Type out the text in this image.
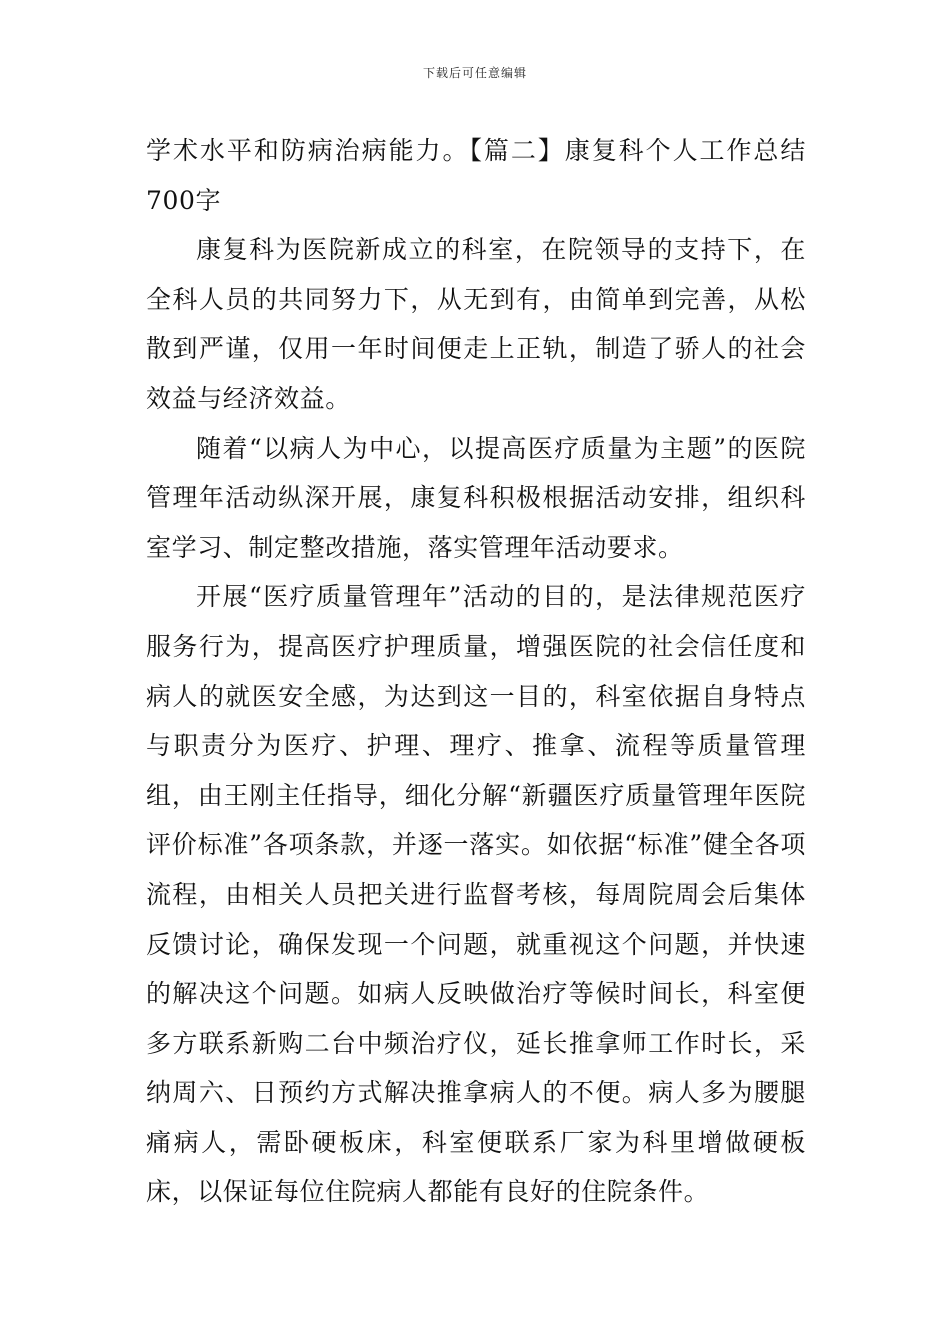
下载后可任意编辑

学术水平和防病治病能力。【篇二】康复科个人工作总结700字

康复科为医院新成立的科室，在院领导的支持下，在全科人员的共同努力下，从无到有，由简单到完善，从松散到严谨，仅用一年时间便走上正轨，制造了骄人的社会效益与经济效益。

随着“以病人为中心，以提高医疗质量为主题”的医院管理年活动纵深开展，康复科积极根据活动安排，组织科室学习、制定整改措施，落实管理年活动要求。

开展“医疗质量管理年”活动的目的，是法律规范医疗服务行为，提高医疗护理质量，增强医院的社会信任度和病人的就医安全感，为达到这一目的，科室依据自身特点与职责分为医疗、护理、理疗、推拿、流程等质量管理组，由王刚主任指导，细化分解“新疆医疗质量管理年医院评价标准”各项条款，并逐一落实。如依据“标准”健全各项流程，由相关人员把关进行监督考核，每周院周会后集体反馈讨论，确保发现一个问题，就重视这个问题，并快速的解决这个问题。如病人反映做治疗等候时间长，科室便多方联系新购二台中频治疗仪，延长推拿师工作时长，采纳周六、日预约方式解决推拿病人的不便。病人多为腰腿痛病人，需卧硬板床，科室便联系厂家为科里增做硬板床，以保证每位住院病人都能有良好的住院条件。
